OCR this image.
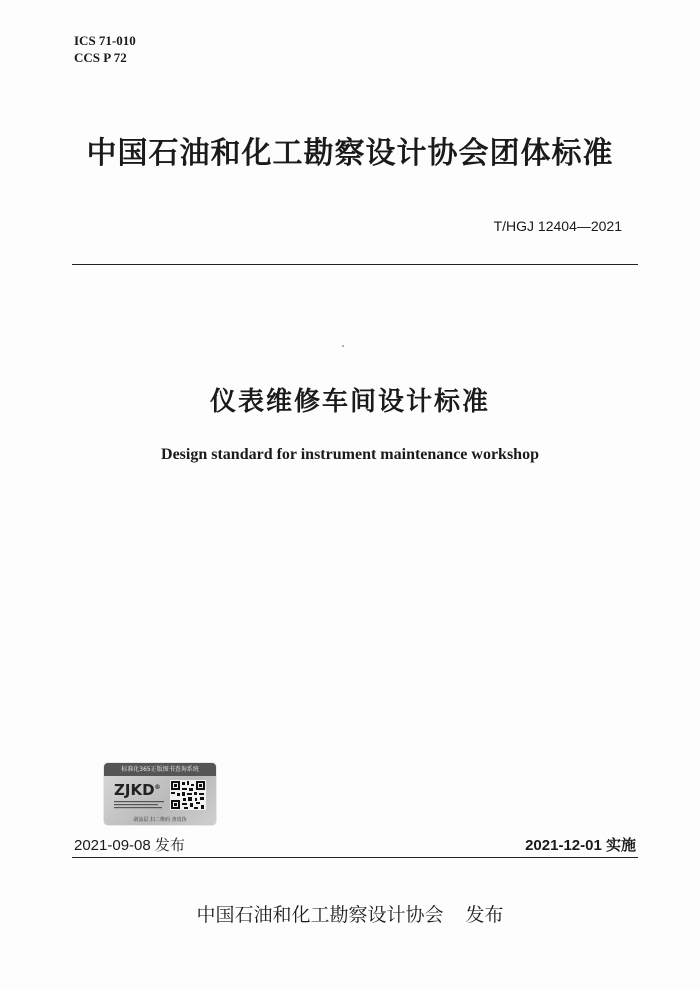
ICS 71-010
CCS P 72
中国石油和化工勘察设计协会团体标准
T/HGJ 12404—2021
仪表维修车间设计标准
Design standard for instrument maintenance workshop
标准化365正版图书查询系统
ZJKD®
刮涂层 扫二维码 查真伪
2021-09-08 发布	2021-12-01 实施
中国石油和化工勘察设计协会 发布
